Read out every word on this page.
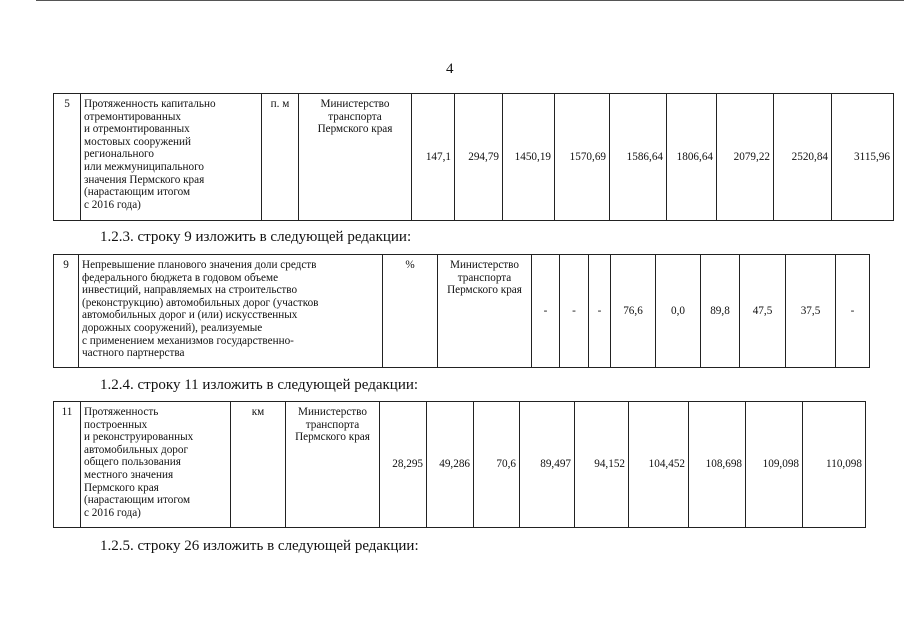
4
5	Протяженность капитально
отремонтированных
и отремонтированных
мостовых сооружений
регионального
или межмуниципального
значения Пермского края
(нарастающим итогом
с 2016 года)
	п. м	Министерство
транспорта
Пермского края
	147,1	294,79	1450,19	1570,69	1586,64	1806,64	2079,22	2520,84	3115,96
1.2.3. строку 9 изложить в следующей редакции:
9	Непревышение планового значения доли средств
федерального бюджета в годовом объеме
инвестиций, направляемых на строительство
(реконструкцию) автомобильных дорог (участков
автомобильных дорог и (или) искусственных
дорожных сооружений), реализуемые
с применением механизмов государственно-
частного партнерства
	%	Министерство
транспорта
Пермского края
	-	-	-	76,6	0,0	89,8	47,5	37,5	-
1.2.4. строку 11 изложить в следующей редакции:
11	Протяженность
построенных
и реконструированных
автомобильных дорог
общего пользования
местного значения
Пермского края
(нарастающим итогом
с 2016 года)
	км	Министерство
транспорта
Пермского края
	28,295	49,286	70,6	89,497	94,152	104,452	108,698	109,098	110,098
1.2.5. строку 26 изложить в следующей редакции:
